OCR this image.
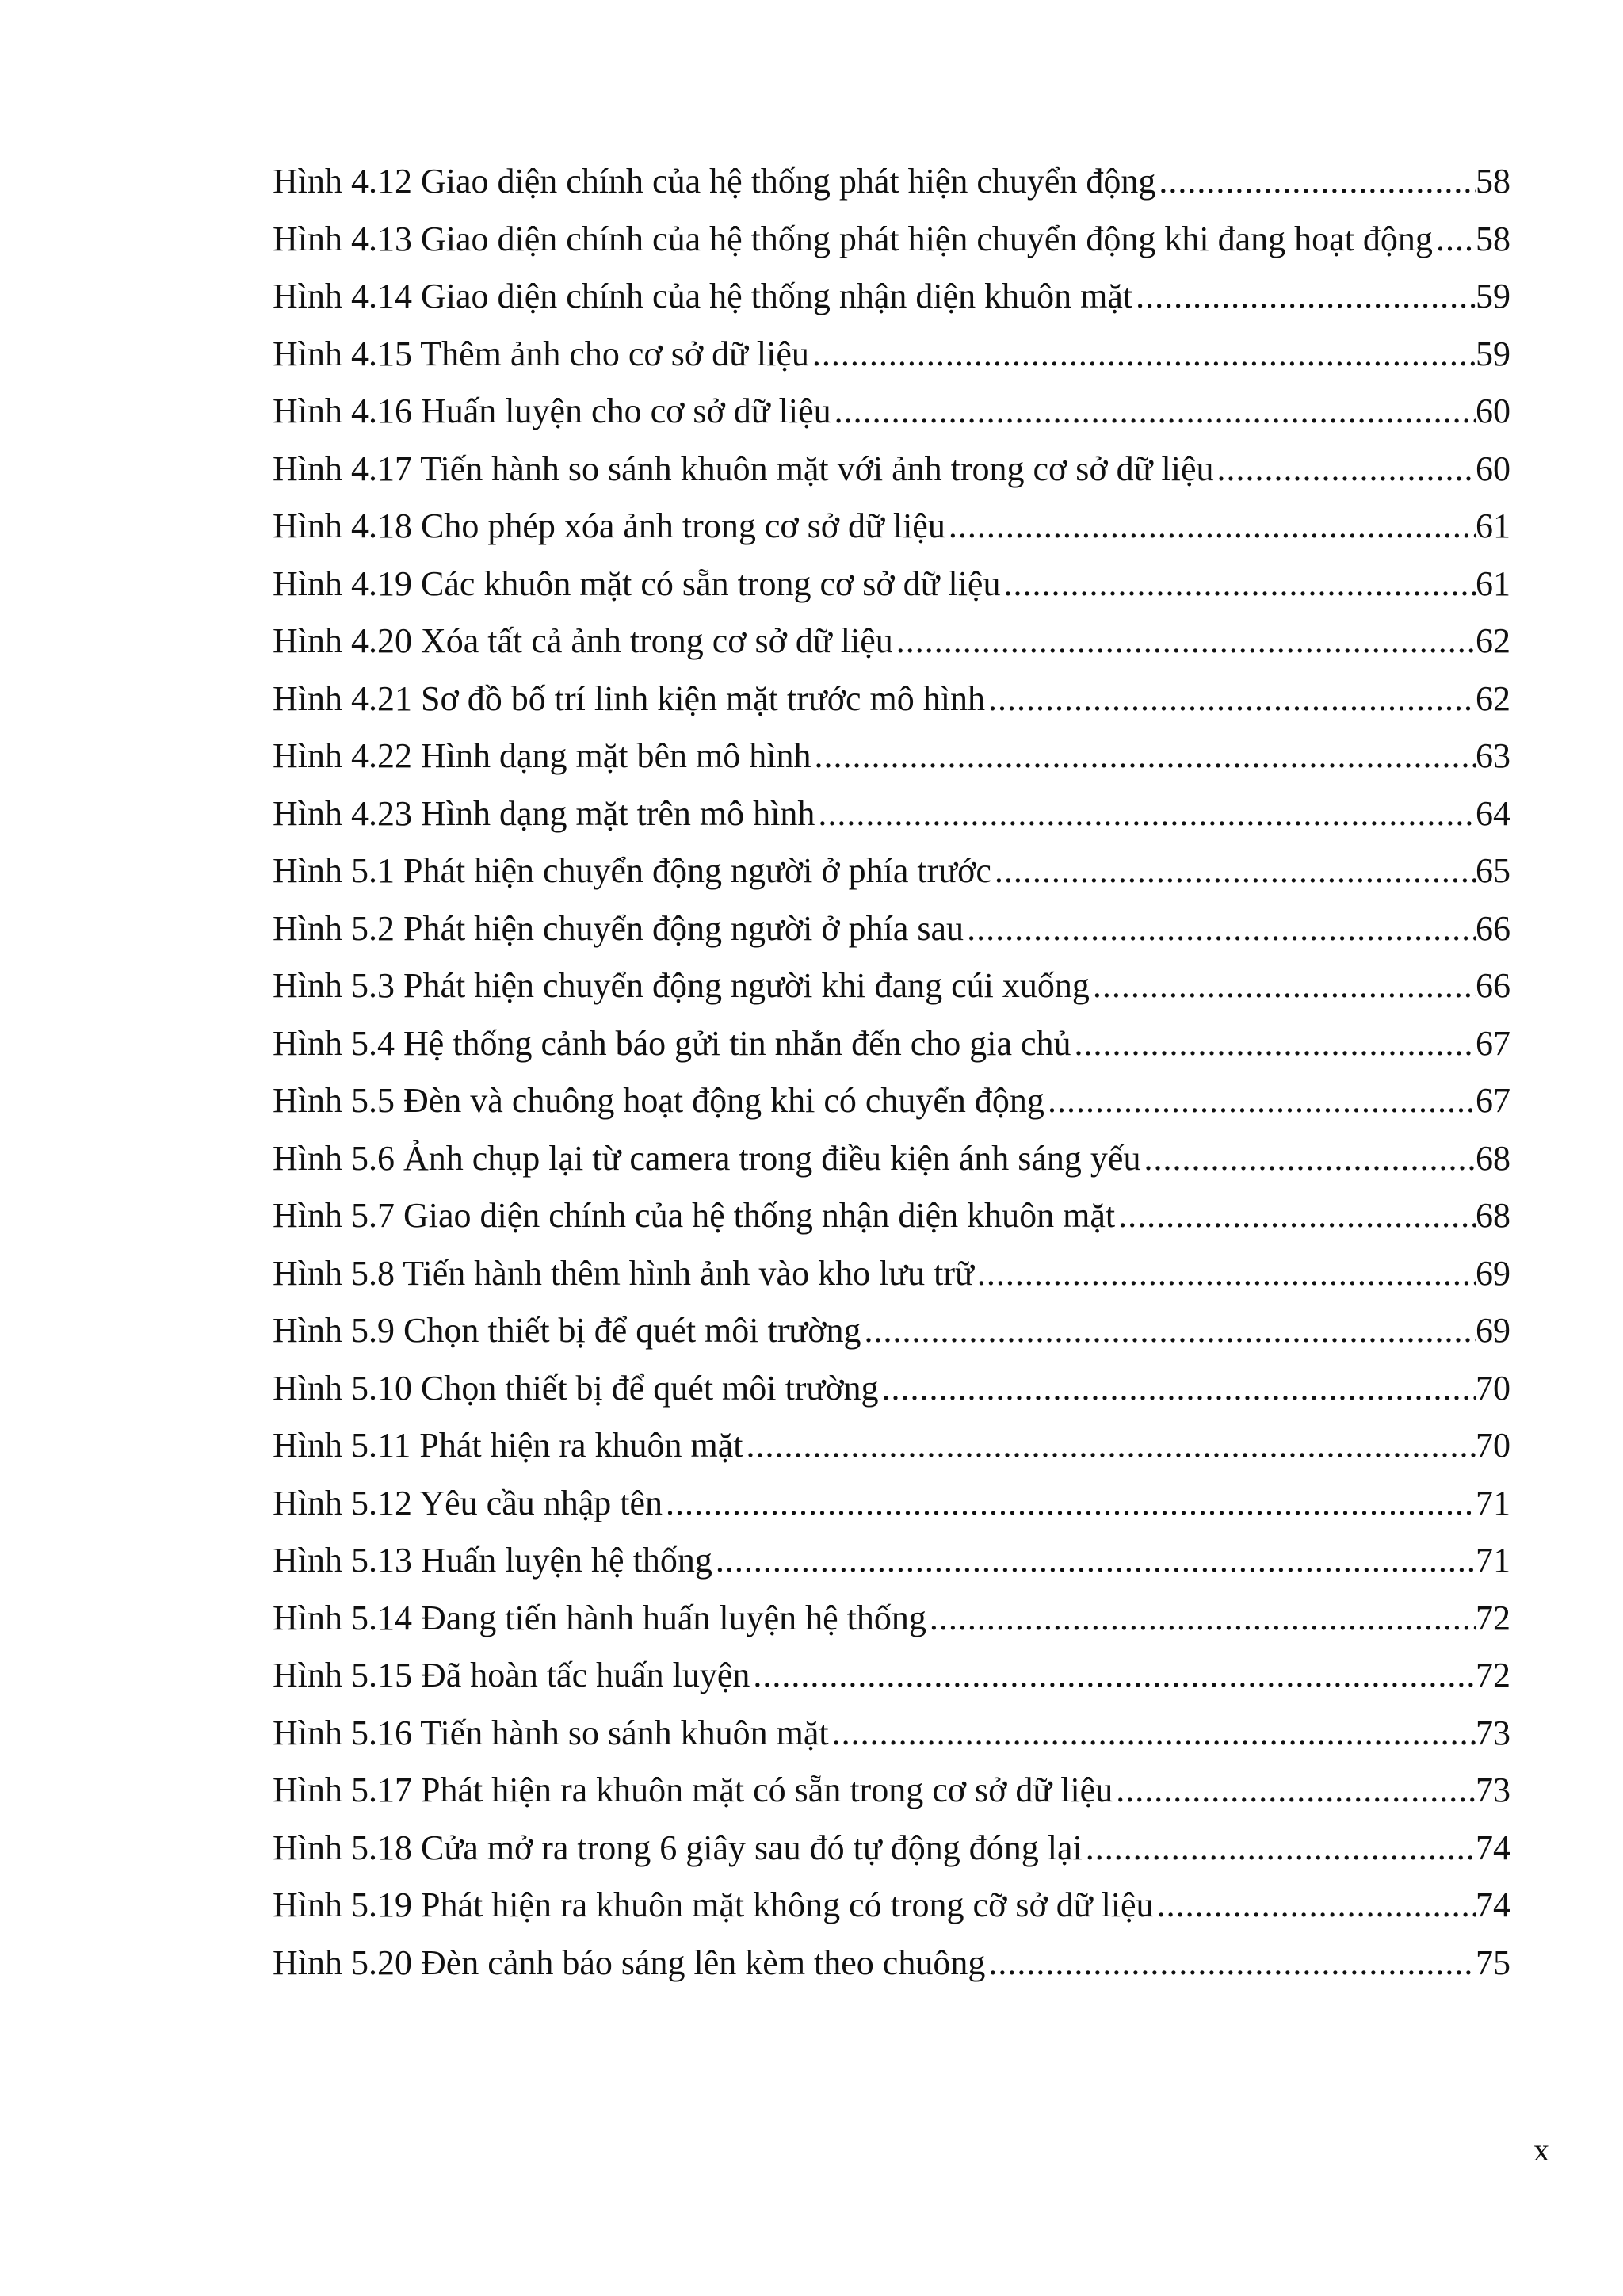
Hình 4.12 Giao diện chính của hệ thống phát hiện chuyển động .....	58
Hình 4.13 Giao diện chính của hệ thống phát hiện chuyển động khi đang hoạt động ..... 58
Hình 4.14 Giao diện chính của hệ thống nhận diện khuôn mặt .....	59
Hình 4.15 Thêm ảnh cho cơ sở dữ liệu .....	59
Hình 4.16 Huấn luyện cho cơ sở dữ liệu .....	60
Hình 4.17 Tiến hành so sánh khuôn mặt với ảnh trong cơ sở dữ liệu .....	60
Hình 4.18 Cho phép xóa ảnh trong cơ sở dữ liệu .....	61
Hình 4.19 Các khuôn mặt có sẵn trong cơ sở dữ liệu .....	61
Hình 4.20 Xóa tất cả ảnh trong cơ sở dữ liệu .....	62
Hình 4.21 Sơ đồ bố trí linh kiện mặt trước mô hình .....	62
Hình 4.22 Hình dạng mặt bên mô hình .....	63
Hình 4.23 Hình dạng mặt trên mô hình .....	64
Hình 5.1 Phát hiện chuyển động người ở phía trước .....	65
Hình 5.2 Phát hiện chuyển động người ở phía sau .....	66
Hình 5.3 Phát hiện chuyển động người khi đang cúi xuống .....	66
Hình 5.4 Hệ thống cảnh báo gửi tin nhắn đến cho gia chủ .....	67
Hình 5.5 Đèn và chuông hoạt động khi có chuyển động .....	67
Hình 5.6 Ảnh chụp lại từ camera trong điều kiện ánh sáng yếu .....	68
Hình 5.7 Giao diện chính của hệ thống nhận diện khuôn mặt .....	68
Hình 5.8 Tiến hành thêm hình ảnh vào kho lưu trữ .....	69
Hình 5.9 Chọn thiết bị để quét môi trường .....	69
Hình 5.10 Chọn thiết bị để quét môi trường .....	70
Hình 5.11 Phát hiện ra khuôn mặt .....	70
Hình 5.12 Yêu cầu nhập tên .....	71
Hình 5.13 Huấn luyện hệ thống .....	71
Hình 5.14 Đang tiến hành huấn luyện hệ thống .....	72
Hình 5.15 Đã hoàn tấc huấn luyện .....	72
Hình 5.16 Tiến hành so sánh khuôn mặt .....	73
Hình 5.17 Phát hiện ra khuôn mặt có sẵn trong cơ sở dữ liệu .....	73
Hình 5.18 Cửa mở ra trong 6 giây sau đó tự động đóng lại .....	74
Hình 5.19 Phát hiện ra khuôn mặt không có trong cỡ sở dữ liệu .....	74
Hình 5.20 Đèn cảnh báo sáng lên kèm theo chuông .....	75
x
